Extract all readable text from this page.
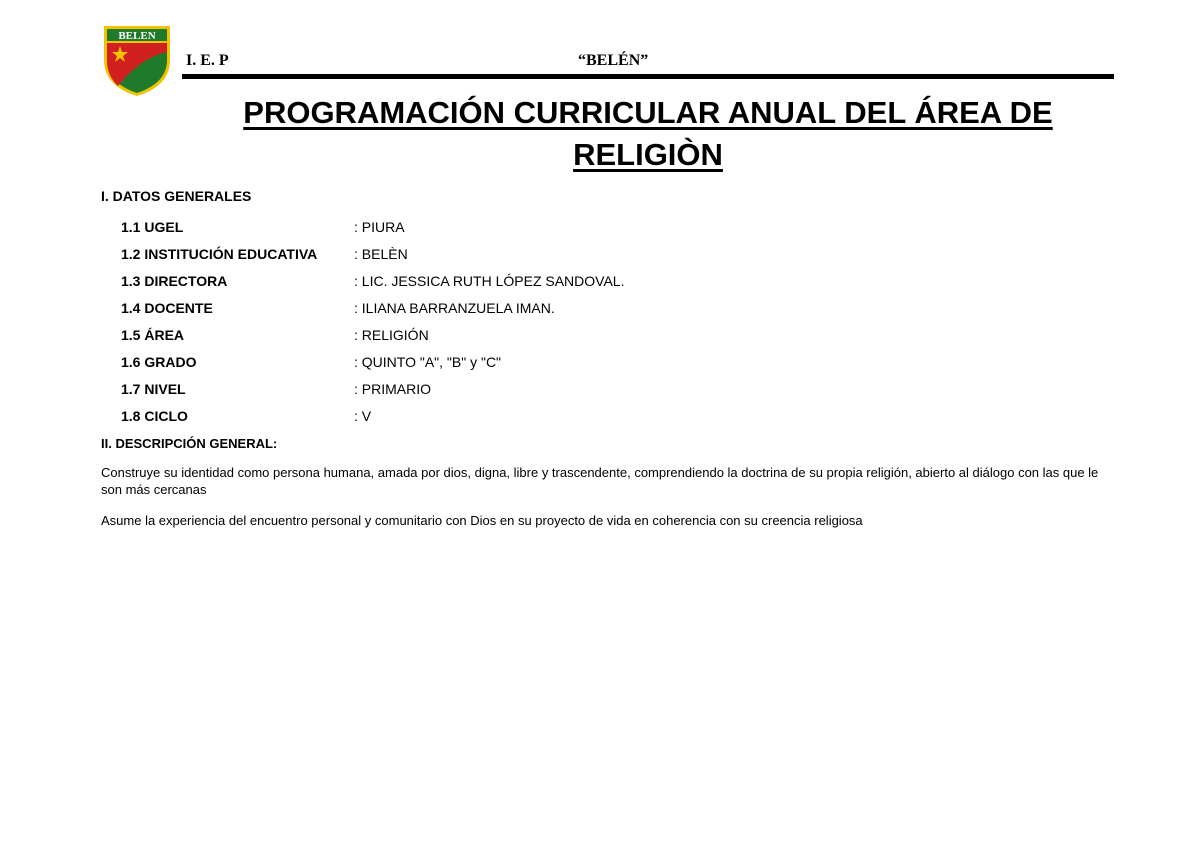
BELEN
I. E. P	“BELÉN”
PROGRAMACIÓN CURRICULAR ANUAL DEL ÁREA DE RELIGIÒN
I. DATOS GENERALES
1.1 UGEL	: PIURA
1.2 INSTITUCIÓN EDUCATIVA	: BELÈN
1.3 DIRECTORA	: LIC. JESSICA RUTH LÓPEZ SANDOVAL.
1.4 DOCENTE	: ILIANA BARRANZUELA IMAN.
1.5 ÁREA	: RELIGIÓN
1.6 GRADO	: QUINTO "A", "B" y "C"
1.7 NIVEL	: PRIMARIO
1.8 CICLO	: V
II. DESCRIPCIÓN GENERAL:
Construye su identidad como persona humana, amada por dios, digna, libre y trascendente, comprendiendo la doctrina de su propia religión, abierto al diálogo con las que le son más cercanas
Asume la experiencia del encuentro personal y comunitario con Dios en su proyecto de vida en coherencia con su creencia religiosa
